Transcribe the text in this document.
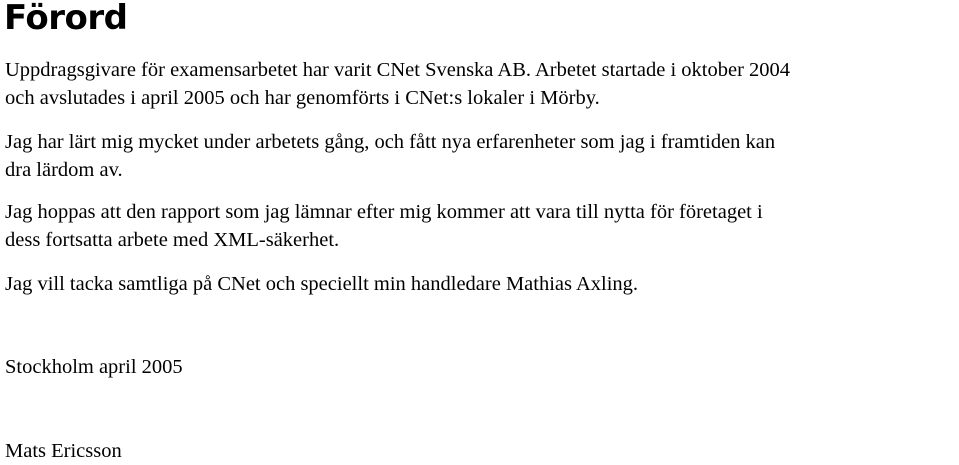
Förord

Uppdragsgivare för examensarbetet har varit CNet Svenska AB. Arbetet startade i oktober 2004
och avslutades i april 2005 och har genomförts i CNet:s lokaler i Mörby.

Jag har lärt mig mycket under arbetets gång, och fått nya erfarenheter som jag i framtiden kan
dra lärdom av.

Jag hoppas att den rapport som jag lämnar efter mig kommer att vara till nytta för företaget i
dess fortsatta arbete med XML-säkerhet.

Jag vill tacka samtliga på CNet och speciellt min handledare Mathias Axling.

Stockholm april 2005

Mats Ericsson
